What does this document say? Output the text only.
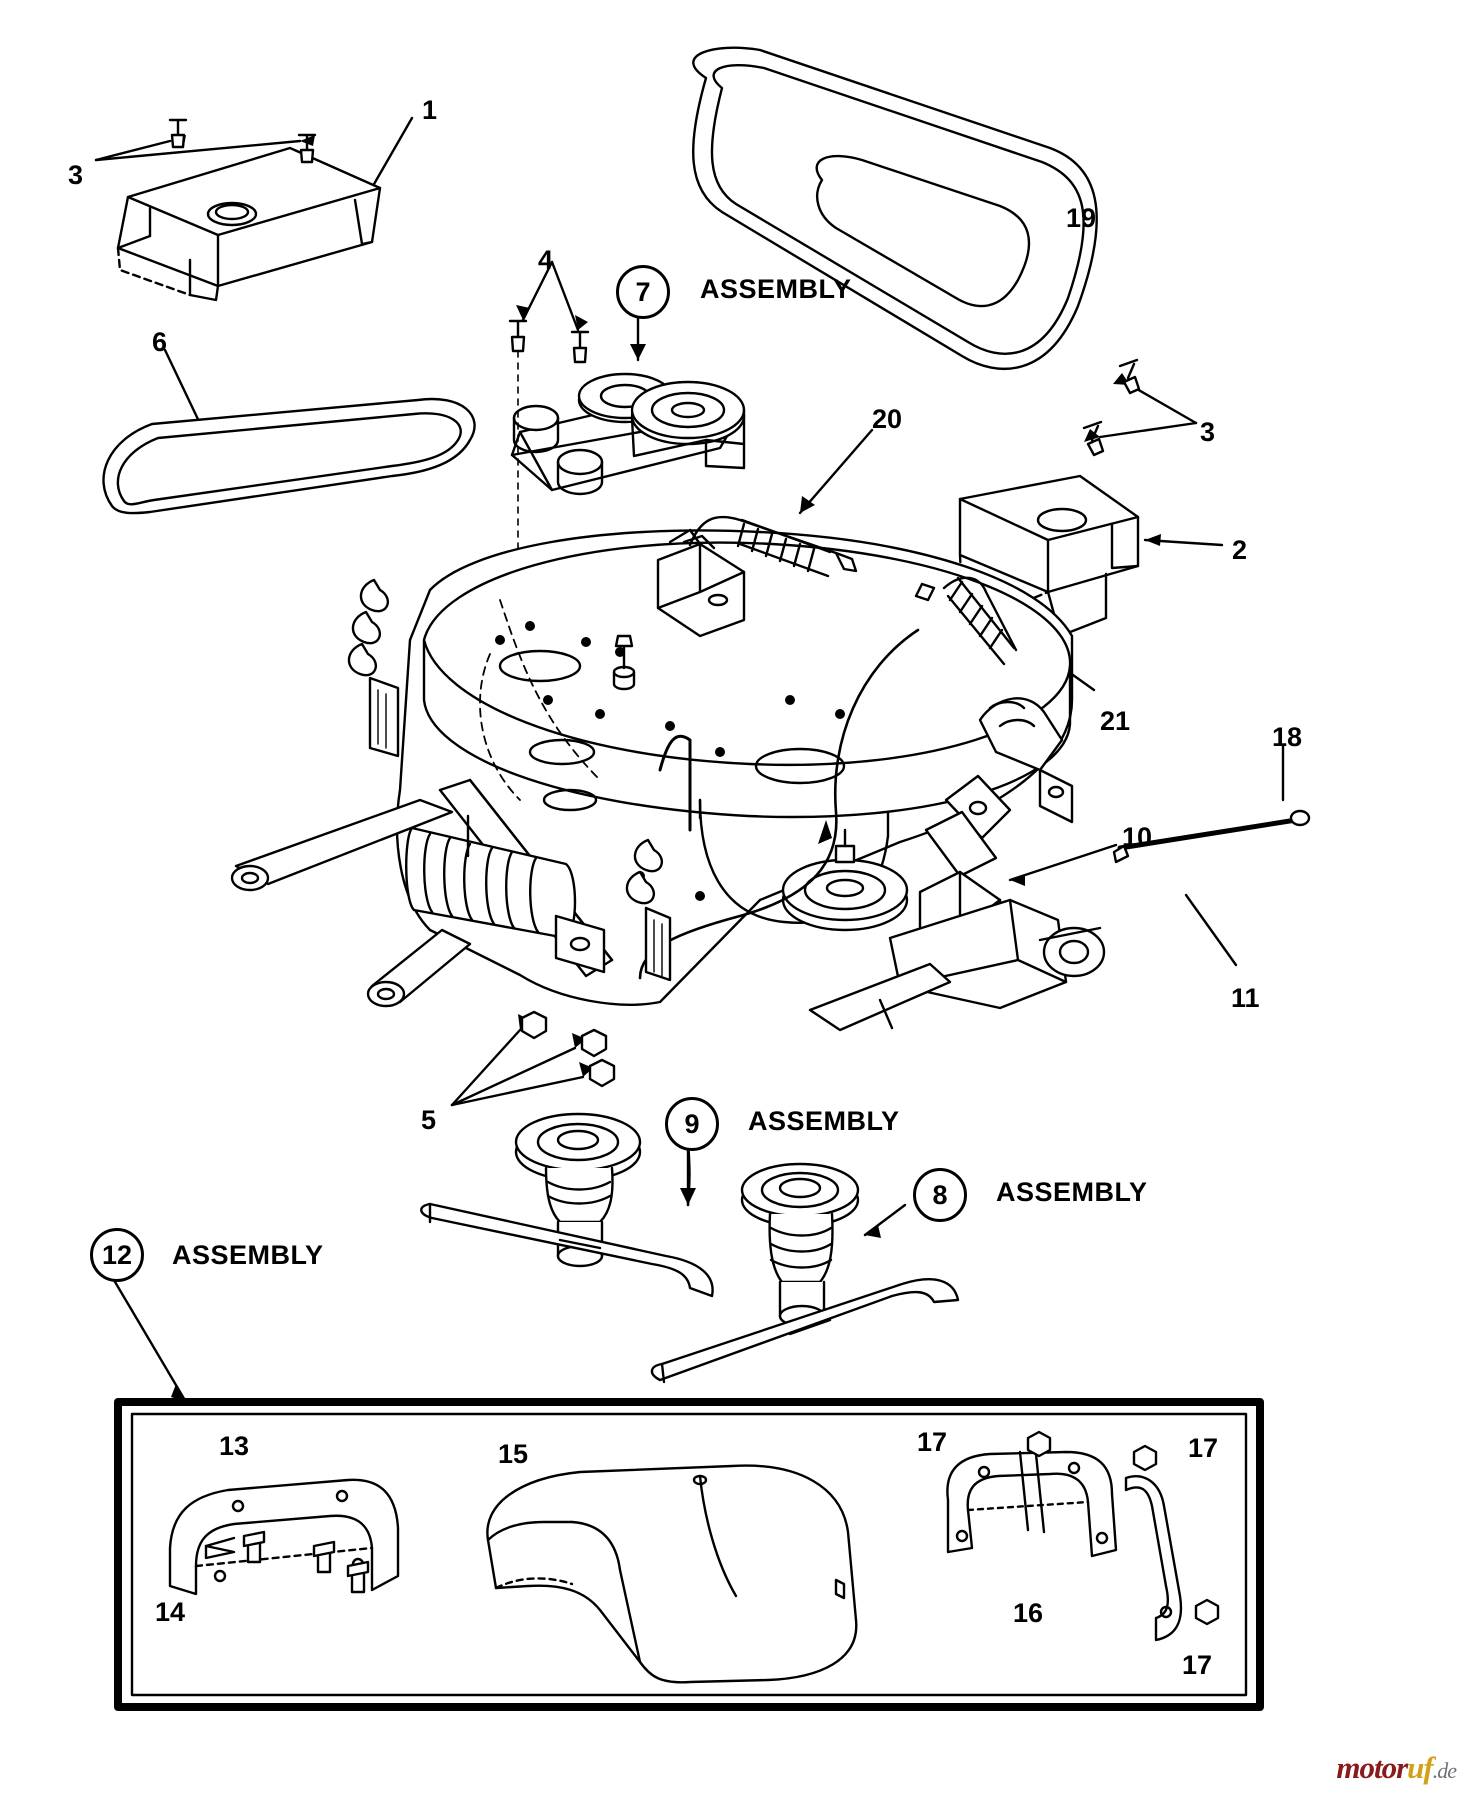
1
3
6
4
19
3
20
2
21
18
10
11
5
13	15	17	17
16
17
14
7	ASSEMBLY
9	ASSEMBLY
8	ASSEMBLY
12	ASSEMBLY
motoruf.de
